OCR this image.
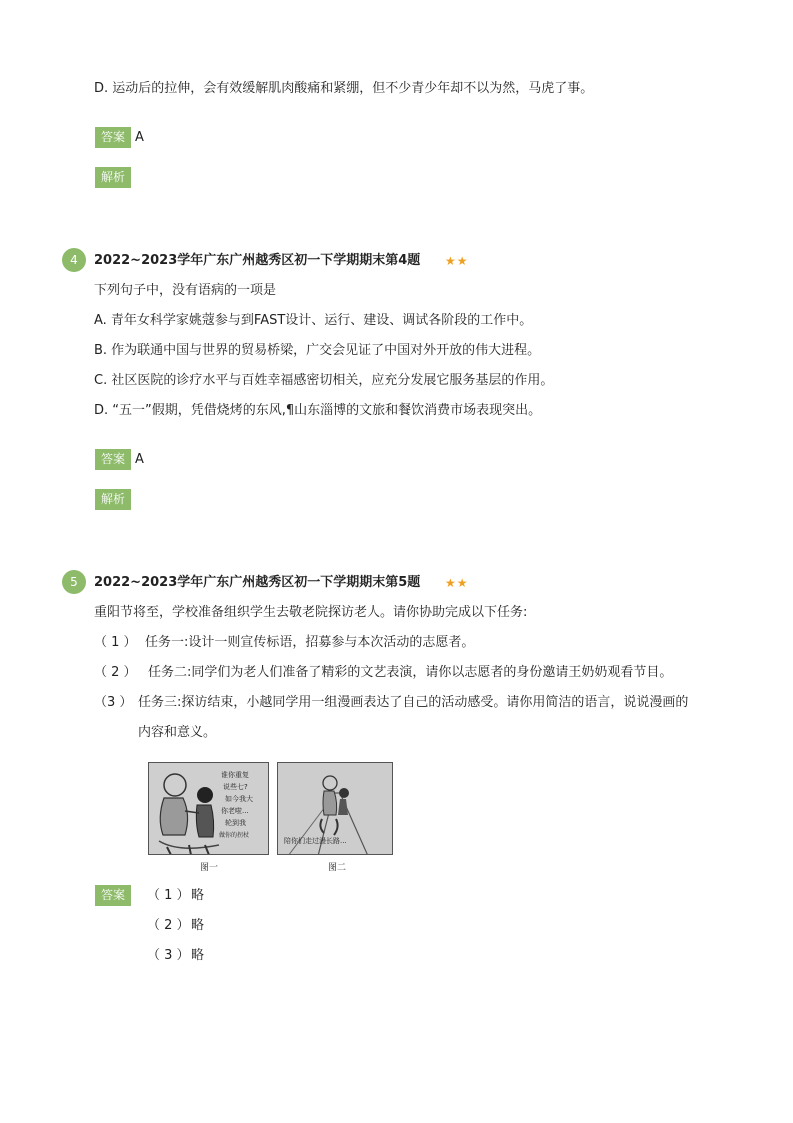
D. 运动后的拉伸，会有效缓解肌肉酸痛和紧绷，但不少青少年却不以为然，马虎了事。
答案 A
解析
4	2022~2023学年广东广州越秀区初一下学期期末第4题 ★★
下列句子中，没有语病的一项是
A. 青年女科学家姚蔻参与到FAST设计、运行、建设、调试各阶段的工作中。
B. 作为联通中国与世界的贸易桥梁，广交会见证了中国对外开放的伟大进程。
C. 社区医院的诊疗水平与百姓幸福感密切相关，应充分发展它服务基层的作用。
D. “五一”假期，凭借烧烤的东风,¶山东淄博的文旅和餐饮消费市场表现突出。
答案 A
解析
5	2022~2023学年广东广州越秀区初一下学期期末第5题 ★★
重阳节将至，学校准备组织学生去敬老院探访老人。请你协助完成以下任务:
（ 1 ） 任务一:设计一则宣传标语，招募参与本次活动的志愿者。
（ 2 ） 任务二:同学们为老人们准备了精彩的文艺表演，请你以志愿者的身份邀请王奶奶观看节目。
（3 ） 任务三:探访结束，小越同学用一组漫画表达了自己的活动感受。请你用简洁的语言，说说漫画的
内容和意义。
谁你重复
说些七?
如今我大
你老啦...
轮到我
做你的拐杖
图一
陪你们走过漫长路...
图二
答案	（ 1 ） 略
（ 2 ） 略
（ 3 ） 略
